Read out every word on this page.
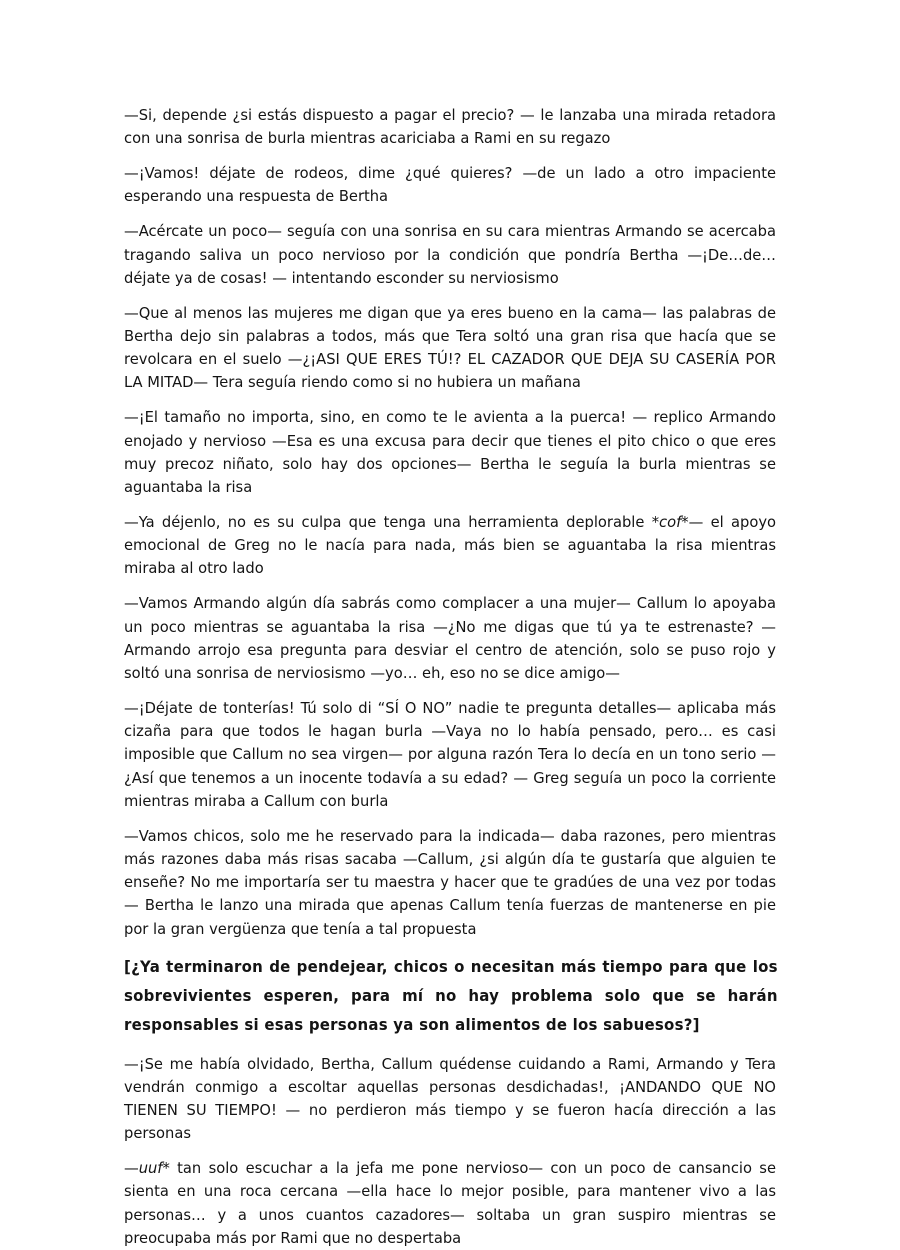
—Si, depende ¿si estás dispuesto a pagar el precio? — le lanzaba una mirada retadora con una sonrisa de burla mientras acariciaba a Rami en su regazo

—¡Vamos! déjate de rodeos, dime ¿qué quieres? —de un lado a otro impaciente esperando una respuesta de Bertha

—Acércate un poco— seguía con una sonrisa en su cara mientras Armando se acercaba tragando saliva un poco nervioso por la condición que pondría Bertha —¡De…de… déjate ya de cosas! — intentando esconder su nerviosismo

—Que al menos las mujeres me digan que ya eres bueno en la cama— las palabras de Bertha dejo sin palabras a todos, más que Tera soltó una gran risa que hacía que se revolcara en el suelo —¿¡ASI QUE ERES TÚ!? EL CAZADOR QUE DEJA SU CASERÍA POR LA MITAD— Tera seguía riendo como si no hubiera un mañana

—¡El tamaño no importa, sino, en como te le avienta a la puerca! — replico Armando enojado y nervioso —Esa es una excusa para decir que tienes el pito chico o que eres muy precoz niñato, solo hay dos opciones— Bertha le seguía la burla mientras se aguantaba la risa

—Ya déjenlo, no es su culpa que tenga una herramienta deplorable *cof*— el apoyo emocional de Greg no le nacía para nada, más bien se aguantaba la risa mientras miraba al otro lado

—Vamos Armando algún día sabrás como complacer a una mujer— Callum lo apoyaba un poco mientras se aguantaba la risa —¿No me digas que tú ya te estrenaste? — Armando arrojo esa pregunta para desviar el centro de atención, solo se puso rojo y soltó una sonrisa de nerviosismo —yo… eh, eso no se dice amigo—

—¡Déjate de tonterías! Tú solo di “SÍ O NO” nadie te pregunta detalles— aplicaba más cizaña para que todos le hagan burla —Vaya no lo había pensado, pero… es casi imposible que Callum no sea virgen— por alguna razón Tera lo decía en un tono serio —¿Así que tenemos a un inocente todavía a su edad? — Greg seguía un poco la corriente mientras miraba a Callum con burla

—Vamos chicos, solo me he reservado para la indicada— daba razones, pero mientras más razones daba más risas sacaba —Callum, ¿si algún día te gustaría que alguien te enseñe? No me importaría ser tu maestra y hacer que te gradúes de una vez por todas — Bertha le lanzo una mirada que apenas Callum tenía fuerzas de mantenerse en pie por la gran vergüenza que tenía a tal propuesta

[¿Ya terminaron de pendejear, chicos o necesitan más tiempo para que los sobrevivientes esperen, para mí no hay problema solo que se harán responsables si esas personas ya son alimentos de los sabuesos?]

—¡Se me había olvidado, Bertha, Callum quédense cuidando a Rami, Armando y Tera vendrán conmigo a escoltar aquellas personas desdichadas!, ¡ANDANDO QUE NO TIENEN SU TIEMPO! — no perdieron más tiempo y se fueron hacía dirección a las personas

—uuf* tan solo escuchar a la jefa me pone nervioso— con un poco de cansancio se sienta en una roca cercana —ella hace lo mejor posible, para mantener vivo a las personas… y a unos cuantos cazadores— soltaba un gran suspiro mientras se preocupaba más por Rami que no despertaba
